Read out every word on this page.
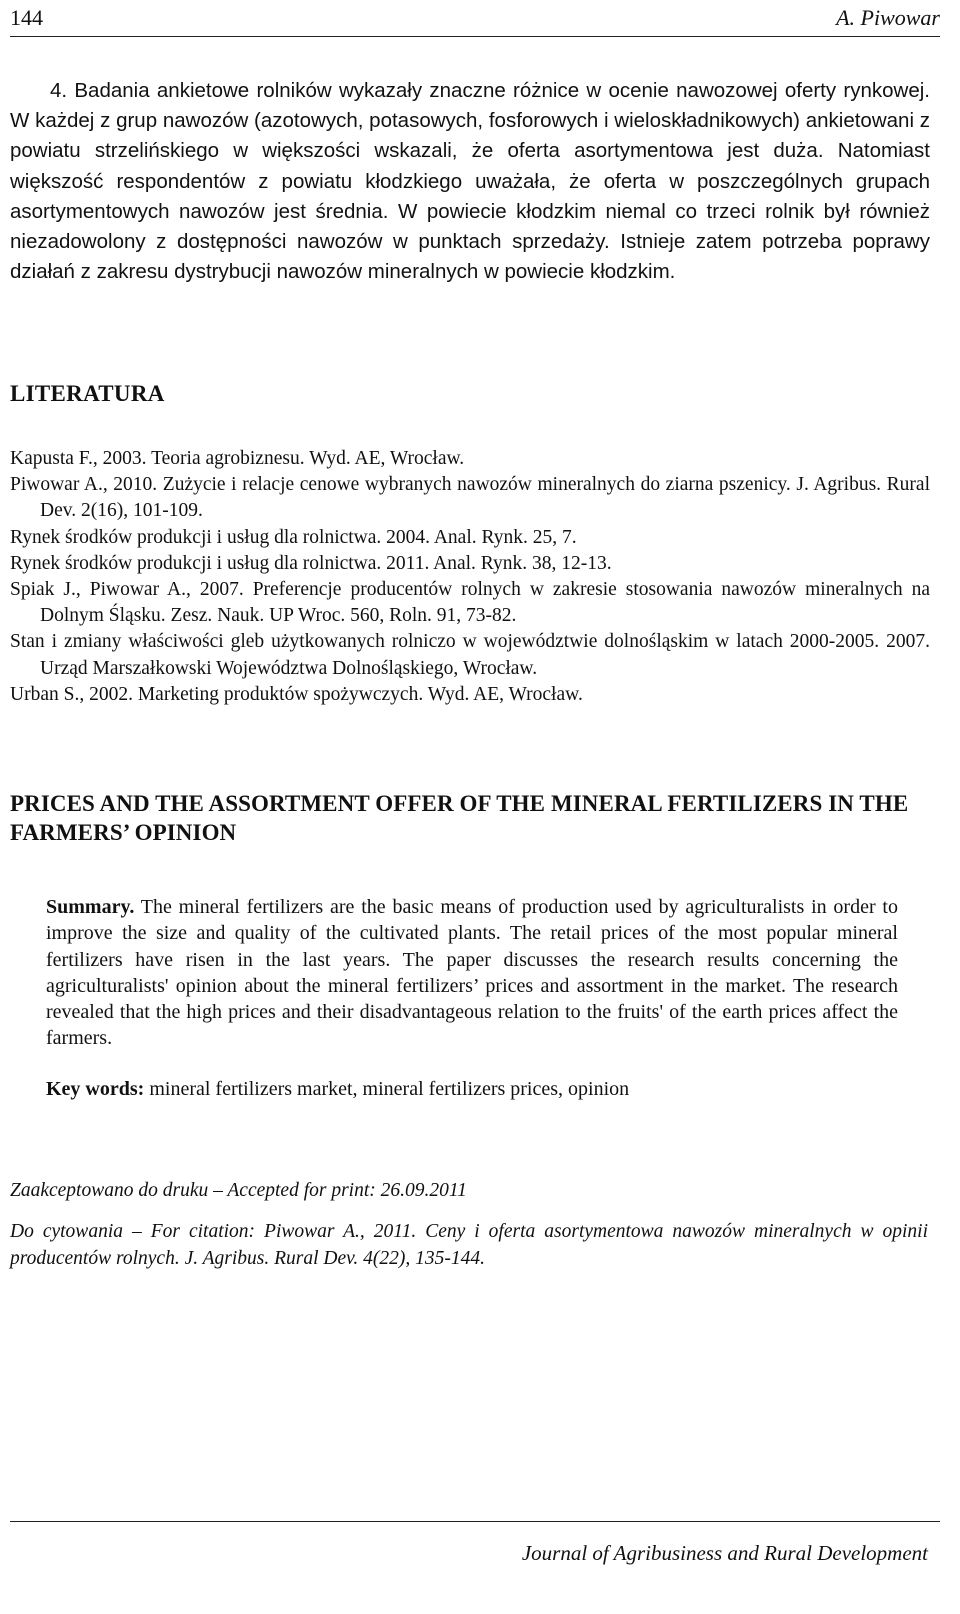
144	A. Piwowar

4. Badania ankietowe rolników wykazały znaczne różnice w ocenie nawozowej oferty rynkowej. W każdej z grup nawozów (azotowych, potasowych, fosforowych i wieloskładnikowych) ankietowani z powiatu strzelińskiego w większości wskazali, że oferta asortymentowa jest duża. Natomiast większość respondentów z powiatu kłodzkiego uważała, że oferta w poszczególnych grupach asortymentowych nawozów jest średnia. W powiecie kłodzkim niemal co trzeci rolnik był również niezadowolony z dostępności nawozów w punktach sprzedaży. Istnieje zatem potrzeba poprawy działań z zakresu dystrybucji nawozów mineralnych w powiecie kłodzkim.

LITERATURA
Kapusta F., 2003. Teoria agrobiznesu. Wyd. AE, Wrocław.
Piwowar A., 2010. Zużycie i relacje cenowe wybranych nawozów mineralnych do ziarna pszenicy. J. Agribus. Rural Dev. 2(16), 101-109.
Rynek środków produkcji i usług dla rolnictwa. 2004. Anal. Rynk. 25, 7.
Rynek środków produkcji i usług dla rolnictwa. 2011. Anal. Rynk. 38, 12-13.
Spiak J., Piwowar A., 2007. Preferencje producentów rolnych w zakresie stosowania nawozów mineralnych na Dolnym Śląsku. Zesz. Nauk. UP Wroc. 560, Roln. 91, 73-82.
Stan i zmiany właściwości gleb użytkowanych rolniczo w województwie dolnośląskim w latach 2000-2005. 2007. Urząd Marszałkowski Województwa Dolnośląskiego, Wrocław.
Urban S., 2002. Marketing produktów spożywczych. Wyd. AE, Wrocław.
PRICES AND THE ASSORTMENT OFFER OF THE MINERAL FERTILIZERS IN THE FARMERS’ OPINION

Summary. The mineral fertilizers are the basic means of production used by agriculturalists in order to improve the size and quality of the cultivated plants. The retail prices of the most popular mineral fertilizers have risen in the last years. The paper discusses the research results concerning the agriculturalists' opinion about the mineral fertilizers’ prices and assortment in the market. The research revealed that the high prices and their disadvantageous relation to the fruits' of the earth prices affect the farmers.

Key words: mineral fertilizers market, mineral fertilizers prices, opinion

Zaakceptowano do druku – Accepted for print: 26.09.2011

Do cytowania – For citation: Piwowar A., 2011. Ceny i oferta asortymentowa nawozów mineralnych w opinii producentów rolnych. J. Agribus. Rural Dev. 4(22), 135-144.

Journal of Agribusiness and Rural Development
